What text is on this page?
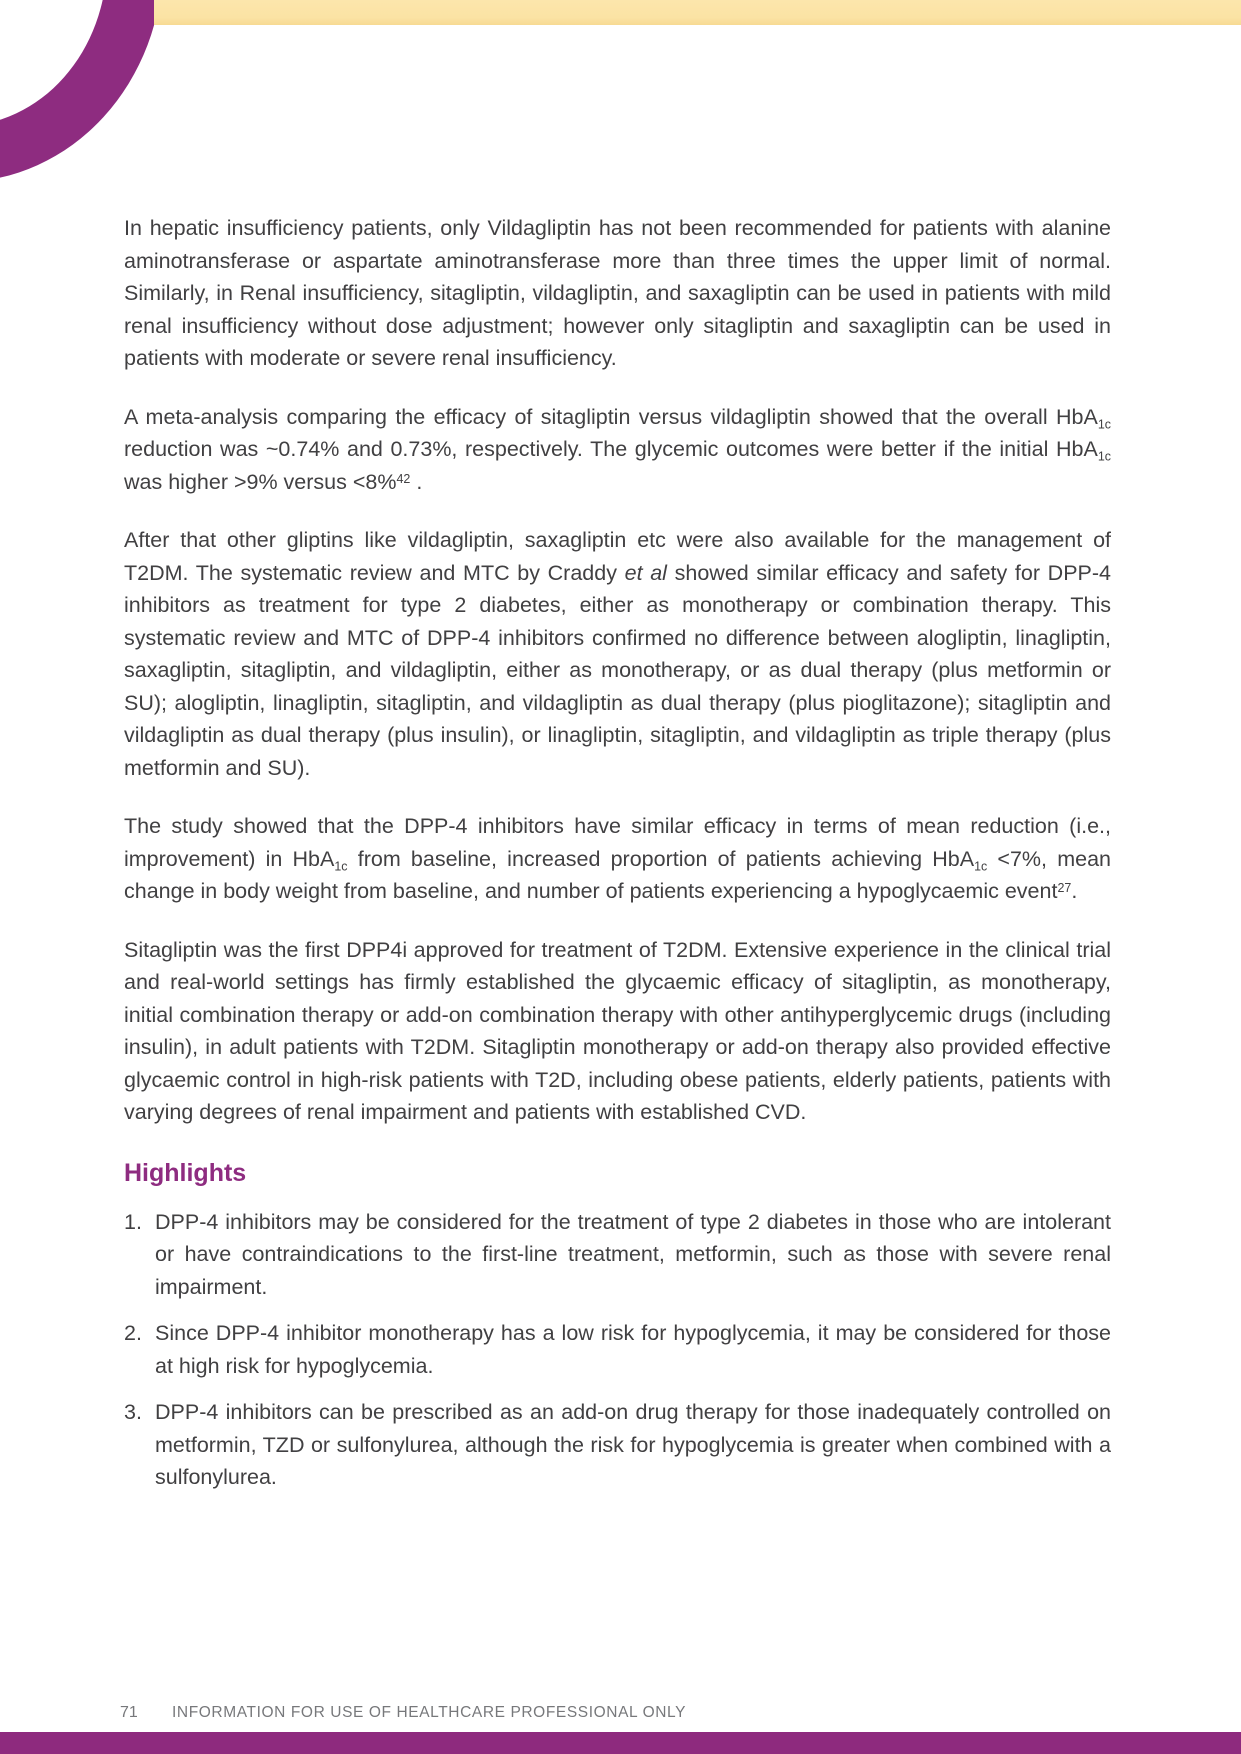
In hepatic insufficiency patients, only Vildagliptin has not been recommended for patients with alanine aminotransferase or aspartate aminotransferase more than three times the upper limit of normal. Similarly, in Renal insufficiency, sitagliptin, vildagliptin, and saxagliptin can be used in patients with mild renal insufficiency without dose adjustment; however only sitagliptin and saxagliptin can be used in patients with moderate or severe renal insufficiency.

A meta-analysis comparing the efficacy of sitagliptin versus vildagliptin showed that the overall HbA$_{1c}$ reduction was ~0.74% and 0.73%, respectively. The glycemic outcomes were better if the initial HbA$_{1c}$ was higher >9% versus <8%$^{42}$ .

After that other gliptins like vildagliptin, saxagliptin etc were also available for the management of T2DM. The systematic review and MTC by Craddy et al showed similar efficacy and safety for DPP-4 inhibitors as treatment for type 2 diabetes, either as monotherapy or combination therapy. This systematic review and MTC of DPP-4 inhibitors confirmed no difference between alogliptin, linagliptin, saxagliptin, sitagliptin, and vildagliptin, either as monotherapy, or as dual therapy (plus metformin or SU); alogliptin, linagliptin, sitagliptin, and vildagliptin as dual therapy (plus pioglitazone); sitagliptin and vildagliptin as dual therapy (plus insulin), or linagliptin, sitagliptin, and vildagliptin as triple therapy (plus metformin and SU).

The study showed that the DPP-4 inhibitors have similar efficacy in terms of mean reduction (i.e., improvement) in HbA$_{1c}$ from baseline, increased proportion of patients achieving HbA$_{1c}$ <7%, mean change in body weight from baseline, and number of patients experiencing a hypoglycaemic event$^{27}$.

Sitagliptin was the first DPP4i approved for treatment of T2DM. Extensive experience in the clinical trial and real-world settings has firmly established the glycaemic efficacy of sitagliptin, as monotherapy, initial combination therapy or add-on combination therapy with other antihyperglycemic drugs (including insulin), in adult patients with T2DM. Sitagliptin monotherapy or add-on therapy also provided effective glycaemic control in high-risk patients with T2D, including obese patients, elderly patients, patients with varying degrees of renal impairment and patients with established CVD.

Highlights
1. DPP-4 inhibitors may be considered for the treatment of type 2 diabetes in those who are intolerant or have contraindications to the first-line treatment, metformin, such as those with severe renal impairment.
2. Since DPP-4 inhibitor monotherapy has a low risk for hypoglycemia, it may be considered for those at high risk for hypoglycemia.
3. DPP-4 inhibitors can be prescribed as an add-on drug therapy for those inadequately controlled on metformin, TZD or sulfonylurea, although the risk for hypoglycemia is greater when combined with a sulfonylurea.
71	INFORMATION FOR USE OF HEALTHCARE PROFESSIONAL ONLY
